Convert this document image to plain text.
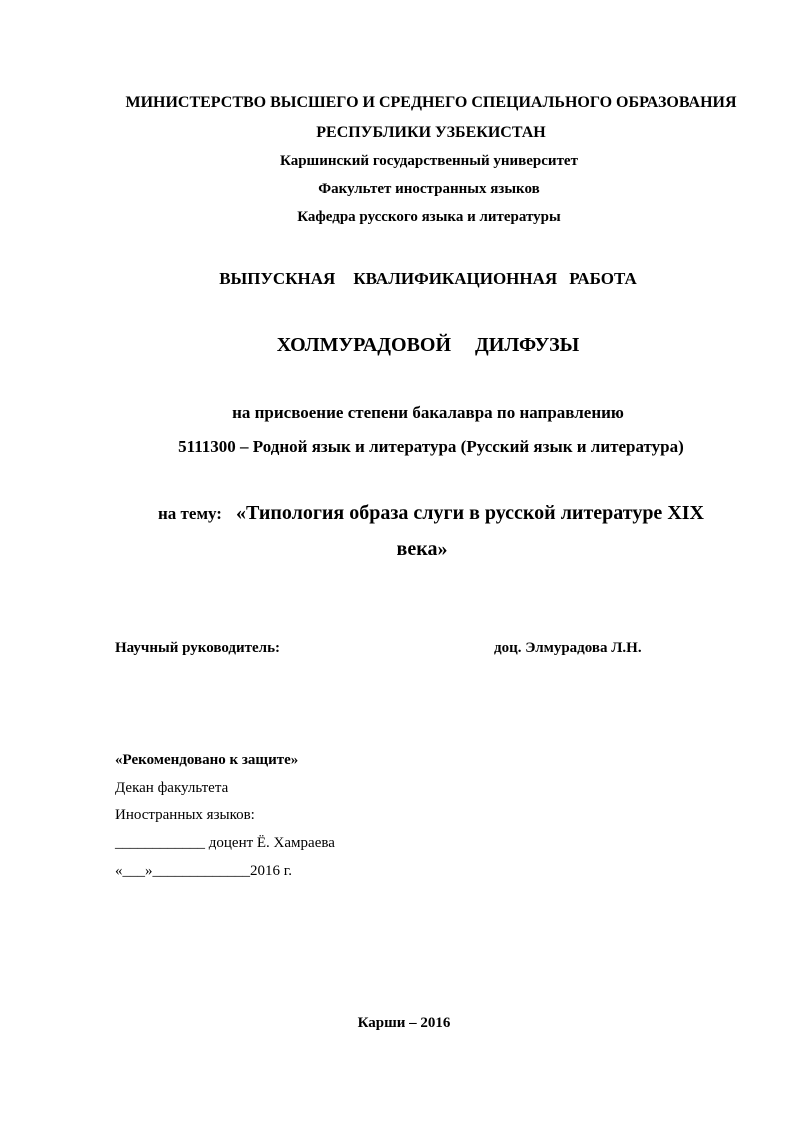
МИНИСТЕРСТВО ВЫСШЕГО И СРЕДНЕГО СПЕЦИАЛЬНОГО ОБРАЗОВАНИЯ
РЕСПУБЛИКИ УЗБЕКИСТАН
Каршинский государственный университет
Факультет иностранных языков
Кафедра русского языка и литературы
ВЫПУСКНАЯ КВАЛИФИКАЦИОННАЯ РАБОТА
ХОЛМУРАДОВОЙ ДИЛФУЗЫ
на присвоение степени бакалавра по направлению
5111300 – Родной язык и литература (Русский язык и литература)
на тему: «Типология образа слуги в русской литературе XIX
века»
Научный руководитель:	доц. Элмурадова Л.Н.
«Рекомендовано к защите»
Декан факультета
Иностранных языков:
____________ доцент Ё. Хамраева
«___»_____________2016 г.
Карши – 2016
